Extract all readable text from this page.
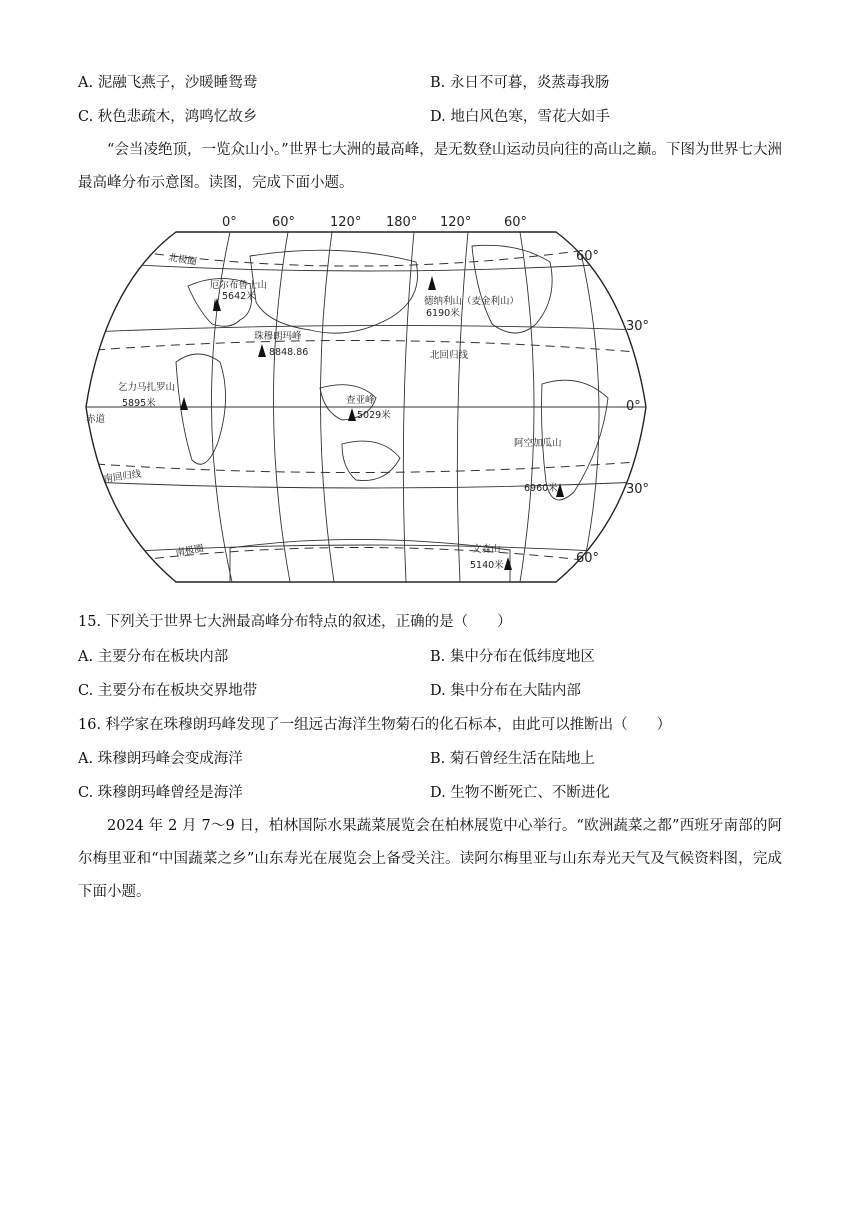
A. 泥融飞燕子，沙暖睡鸳鸯	B. 永日不可暮，炎蒸毒我肠
C. 秋色悲疏木，鸿鸣忆故乡	D. 地白风色寒，雪花大如手
“会当凌绝顶，一览众山小。”世界七大洲的最高峰，是无数登山运动员向往的高山之巅。下图为世界七大洲最高峰分布示意图。读图，完成下面小题。
0°	60°	120° 180° 120°	60°
60°
30°
0°
30°
60°
北极圈
北回归线
赤道
南回归线
南极圈
厄尔布鲁士山
5642米	德纳利山（麦金利山）
6190米
珠穆朗玛峰
8848.86
乞力马扎罗山
5895米	查亚峰
5029米
阿空加瓜山
6960米
文森山
5140米
15. 下列关于世界七大洲最高峰分布特点的叙述，正确的是（　　）
A. 主要分布在板块内部	B. 集中分布在低纬度地区
C. 主要分布在板块交界地带	D. 集中分布在大陆内部
16. 科学家在珠穆朗玛峰发现了一组远古海洋生物菊石的化石标本，由此可以推断出（　　）
A. 珠穆朗玛峰会变成海洋	B. 菊石曾经生活在陆地上
C. 珠穆朗玛峰曾经是海洋	D. 生物不断死亡、不断进化
2024 年 2 月 7～9 日，柏林国际水果蔬菜展览会在柏林展览中心举行。“欧洲蔬菜之都”西班牙南部的阿尔梅里亚和“中国蔬菜之乡”山东寿光在展览会上备受关注。读阿尔梅里亚与山东寿光天气及气候资料图，完成下面小题。
